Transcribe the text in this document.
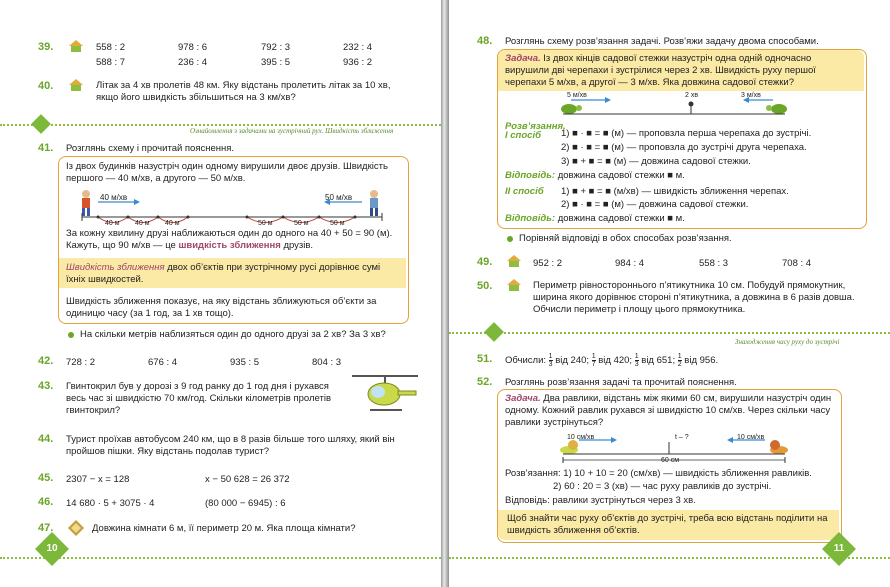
39.	558 : 2	978 : 6	792 : 3	232 : 4
588 : 7	236 : 4	395 : 5	936 : 2
40.	Літак за 4 хв пролетів 48 км. Яку відстань пролетить літак за 10 хв, якщо його швидкість збільшиться на 3 км/хв?
Ознайомлення з задачами на зустрічний рух. Швидкість зближення
41. Розглянь схему і прочитай пояснення.
Із двох будинків назустріч один одному вирушили двоє друзів. Швидкість першого — 40 м/хв, а другого — 50 м/хв.
40 м/хв	50 м/хв
40 м 40 м 40 м	50 м	50 м	50 м
За кожну хвилину друзі наближаються один до одного на 40 + 50 = 90 (м). Кажуть, що 90 м/хв — це швидкість зближення друзів.
Швидкість зближення двох об’єктів при зустрічному русі дорівнює сумі їхніх швидкостей.
Швидкість зближення показує, на яку відстань зближуються об’єкти за одиницю часу (за 1 год, за 1 хв тощо).
На скільки метрів наблизяться один до одного друзі за 2 хв? За 3 хв?
42. 728 : 2	676 : 4	935 : 5	804 : 3
43. Гвинтокрил був у дорозі з 9 год ранку до 1 год дня і рухався весь час зі швидкістю 70 км/год. Скільки кілометрів пролетів гвинтокрил?
44. Турист проїхав автобусом 240 км, що в 8 разів більше того шляху, який він пройшов пішки. Яку відстань подолав турист?
45. 2307 − x = 128	x − 50 628 = 26 372
46. 14 680 · 5 + 3075 · 4	(80 000 − 6945) : 6
47.	Довжина кімнати 6 м, її периметр 20 м. Яка площа кімнати?
10
48. Розглянь схему розв’язання задачі. Розв’яжи задачу двома способами.
Задача. Із двох кінців садової стежки назустріч одна одній одночасно вирушили дві черепахи і зустрілися через 2 хв. Швидкість руху першої черепахи 5 м/хв, а другої — 3 м/хв. Яка довжина садової стежки?
5 м/хв	2 хв	3 м/хв
Розв’язання.
І спосіб 1) ■ · ■ = ■ (м) — проповзла перша черепаха до зустрічі.
2) ■ · ■ = ■ (м) — проповзла до зустрічі друга черепаха.
3) ■ + ■ = ■ (м) — довжина садової стежки.
Відповідь: довжина садової стежки ■ м.
ІІ спосіб 1) ■ + ■ = ■ (м/хв) — швидкість зближення черепах.
2) ■ · ■ = ■ (м) — довжина садової стежки.
Відповідь: довжина садової стежки ■ м.
Порівняй відповіді в обох способах розв’язання.
49.	952 : 2	984 : 4	558 : 3	708 : 4
50.	Периметр рівностороннього п’ятикутника 10 см. Побудуй прямокутник, ширина якого дорівнює стороні п’ятикутника, а довжина в 6 разів довша. Обчисли периметр і площу цього прямокутника.
Знаходження часу руху до зустрічі
51. Обчисли: $\frac{1}{3}$ від 240; $\frac{1}{7}$ від 420; $\frac{1}{3}$ від 651; $\frac{1}{2}$ від 956.
52. Розглянь розв’язання задачі та прочитай пояснення.
Задача. Два равлики, відстань між якими 60 см, вирушили назустріч один одному. Кожний равлик рухався зі швидкістю 10 см/хв. Через скільки часу равлики зустрінуться?
10 см/хв	t – ?	10 см/хв
60 см
Розв’язання: 1) 10 + 10 = 20 (см/хв) — швидкість зближення равликів.
2) 60 : 20 = 3 (хв) — час руху равликів до зустрічі.
Відповідь: равлики зустрінуться через 3 хв.
Щоб знайти час руху об’єктів до зустрічі, треба всю відстань поділити на швидкість зближення об’єктів.
11
